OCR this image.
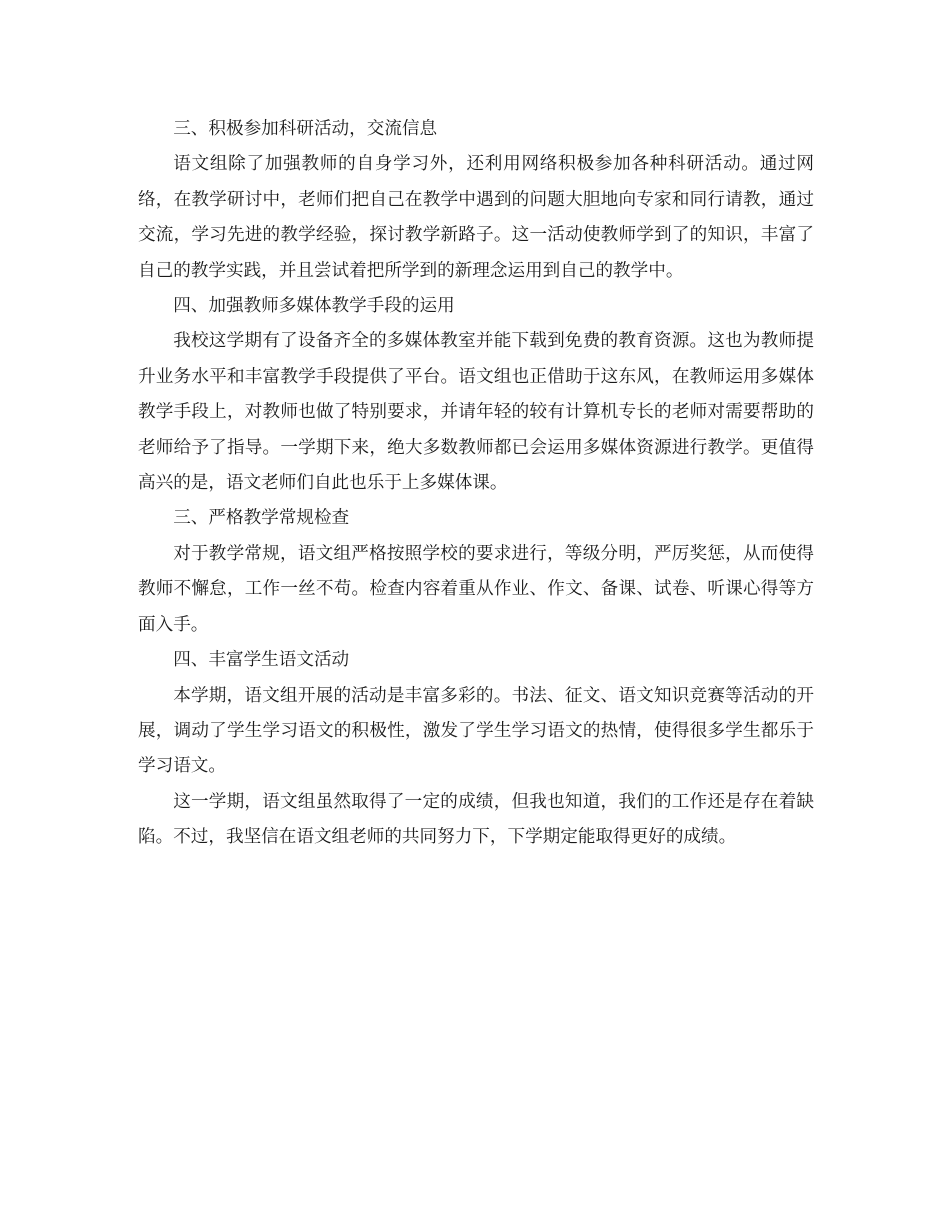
三、积极参加科研活动，交流信息

语文组除了加强教师的自身学习外，还利用网络积极参加各种科研活动。通过网络，在教学研讨中，老师们把自己在教学中遇到的问题大胆地向专家和同行请教，通过交流，学习先进的教学经验，探讨教学新路子。这一活动使教师学到了的知识，丰富了自己的教学实践，并且尝试着把所学到的新理念运用到自己的教学中。

四、加强教师多媒体教学手段的运用

我校这学期有了设备齐全的多媒体教室并能下载到免费的教育资源。这也为教师提升业务水平和丰富教学手段提供了平台。语文组也正借助于这东风，在教师运用多媒体教学手段上，对教师也做了特别要求，并请年轻的较有计算机专长的老师对需要帮助的老师给予了指导。一学期下来，绝大多数教师都已会运用多媒体资源进行教学。更值得高兴的是，语文老师们自此也乐于上多媒体课。

三、严格教学常规检查

对于教学常规，语文组严格按照学校的要求进行，等级分明，严厉奖惩，从而使得教师不懈怠，工作一丝不苟。检查内容着重从作业、作文、备课、试卷、听课心得等方面入手。

四、丰富学生语文活动

本学期，语文组开展的活动是丰富多彩的。书法、征文、语文知识竞赛等活动的开展，调动了学生学习语文的积极性，激发了学生学习语文的热情，使得很多学生都乐于学习语文。

这一学期，语文组虽然取得了一定的成绩，但我也知道，我们的工作还是存在着缺陷。不过，我坚信在语文组老师的共同努力下，下学期定能取得更好的成绩。
